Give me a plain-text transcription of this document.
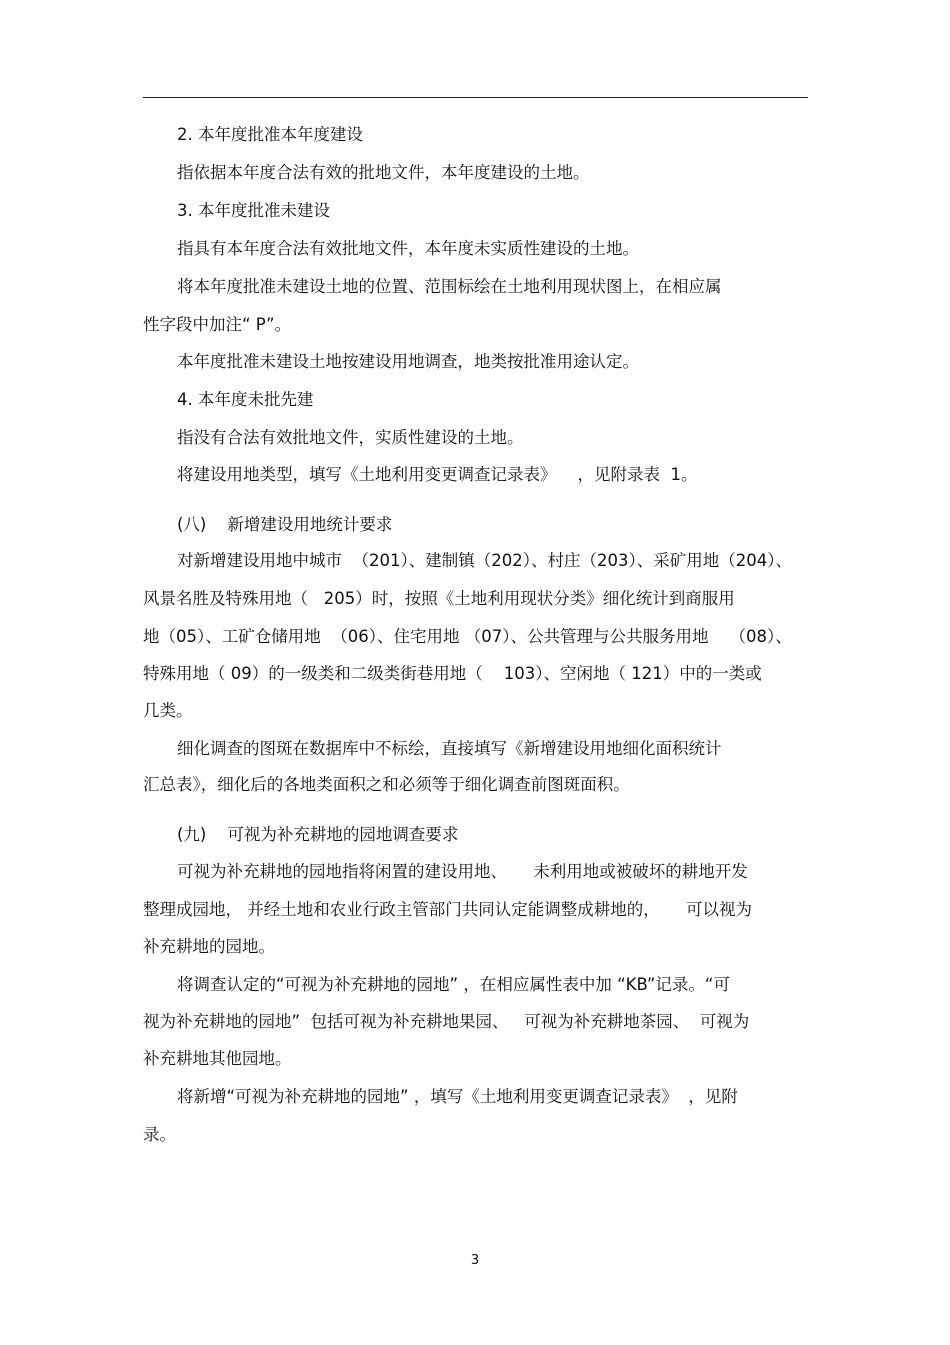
2. 本年度批准本年度建设
指依据本年度合法有效的批地文件，本年度建设的土地。
3. 本年度批准未建设
指具有本年度合法有效批地文件，本年度未实质性建设的土地。
将本年度批准未建设土地的位置、范围标绘在土地利用现状图上，在相应属
性字段中加注“ P”。
本年度批准未建设土地按建设用地调查，地类按批准用途认定。
4. 本年度未批先建
指没有合法有效批地文件，实质性建设的土地。
将建设用地类型，填写《土地利用变更调查记录表》    ，见附录表  1。
(八)    新增建设用地统计要求
对新增建设用地中城市  （201）、建制镇（202）、村庄（203）、采矿用地（204）、
风景名胜及特殊用地（   205）时，按照《土地利用现状分类》细化统计到商服用
地（05）、工矿仓储用地  （06）、住宅用地 （07）、公共管理与公共服务用地    （08）、
特殊用地（ 09）的一级类和二级类街巷用地（    103）、空闲地（ 121）中的一类或
几类。
细化调查的图斑在数据库中不标绘，直接填写《新增建设用地细化面积统计
汇总表》，细化后的各地类面积之和必须等于细化调查前图斑面积。
(九)    可视为补充耕地的园地调查要求
可视为补充耕地的园地指将闲置的建设用地、     未利用地或被破坏的耕地开发
整理成园地， 并经土地和农业行政主管部门共同认定能调整成耕地的，     可以视为
补充耕地的园地。
将调查认定的“可视为补充耕地的园地” ，在相应属性表中加 “KB”记录。“可
视为补充耕地的园地”  包括可视为补充耕地果园、   可视为补充耕地茶园、  可视为
补充耕地其他园地。
将新增“可视为补充耕地的园地” ，填写《土地利用变更调查记录表》  ，见附
录。
3
